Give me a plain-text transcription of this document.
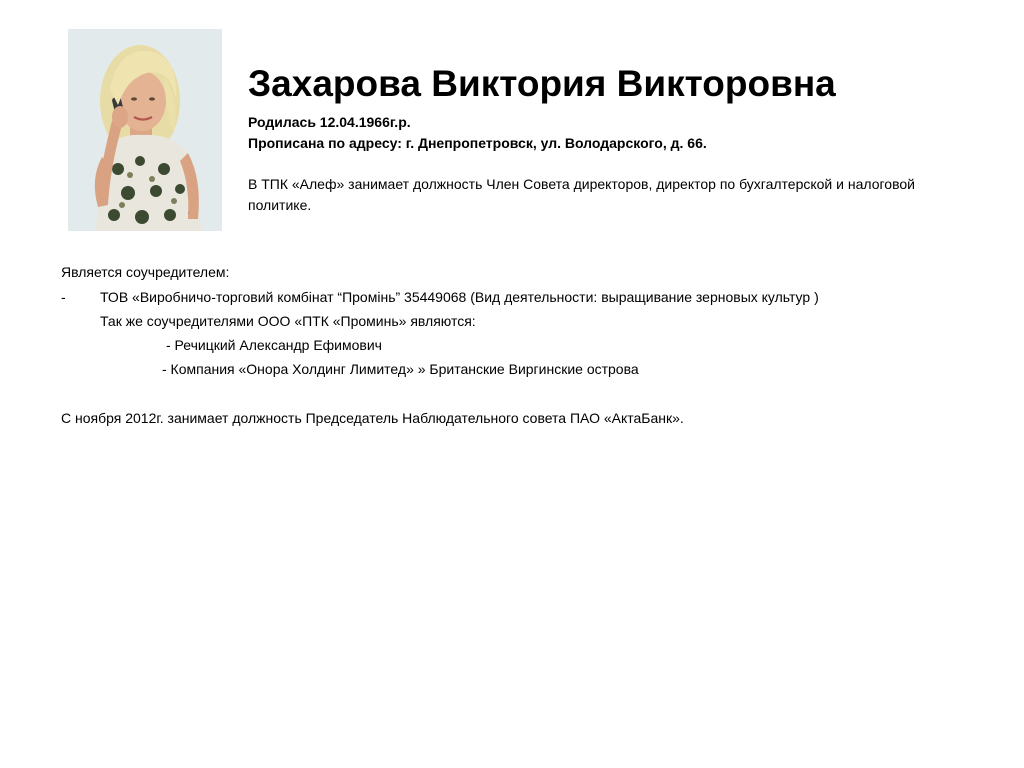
Захарова Виктория Викторовна
Родилась 12.04.1966г.р.
Прописана по адресу: г. Днепропетровск, ул. Володарского, д. 66.

В ТПК «Алеф» занимает должность Член Совета директоров, директор по бухгалтерской и налоговой политике.

Является соучредителем:
- ТОВ «Виробничо-торговий комбінат “Промінь” 35449068 (Вид деятельности: выращивание зерновых культур )
Так же соучредителями ООО «ПТК «Проминь» являются:
- Речицкий Александр Ефимович
- Компания «Онора Холдинг Лимитед» » Британские Виргинские острова
С ноября 2012г. занимает должность Председатель Наблюдательного совета ПАО «АктаБанк».
